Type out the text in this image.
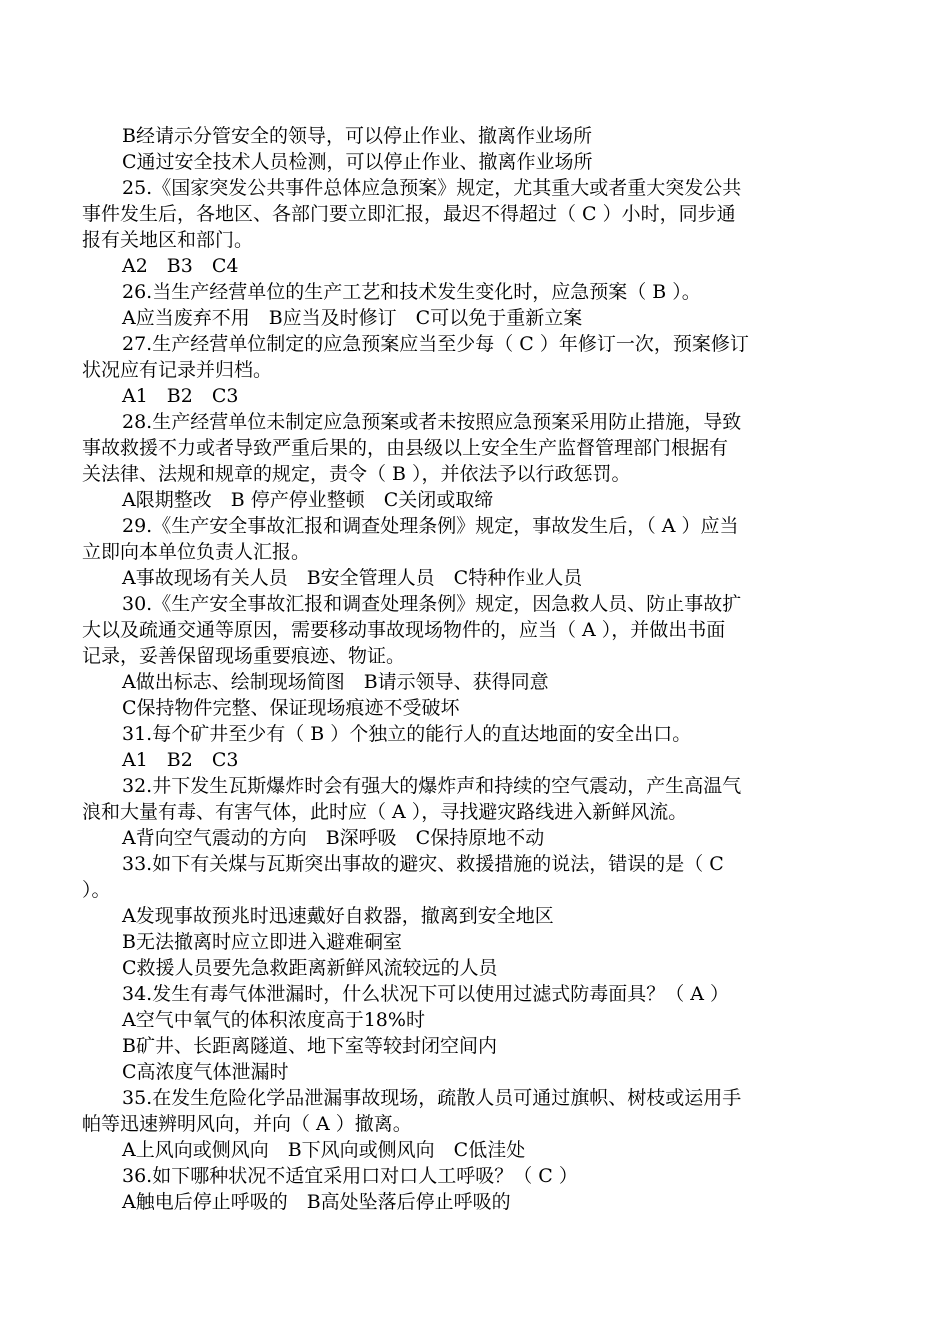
B经请示分管安全的领导，可以停止作业、撤离作业场所
C通过安全技术人员检测，可以停止作业、撤离作业场所
25.《国家突发公共事件总体应急预案》规定，尤其重大或者重大突发公共
事件发生后，各地区、各部门要立即汇报，最迟不得超过（ C ）小时，同步通
报有关地区和部门。
A2　B3　C4
26.当生产经营单位的生产工艺和技术发生变化时，应急预案（ B ）。
A应当废弃不用　B应当及时修订　C可以免于重新立案
27.生产经营单位制定的应急预案应当至少每（ C ）年修订一次，预案修订
状况应有记录并归档。
A1　B2　C3
28.生产经营单位未制定应急预案或者未按照应急预案采用防止措施，导致
事故救援不力或者导致严重后果的，由县级以上安全生产监督管理部门根据有
关法律、法规和规章的规定，责令（ B ），并依法予以行政惩罚。
A限期整改　B 停产停业整顿　C关闭或取缔
29.《生产安全事故汇报和调查处理条例》规定，事故发生后，（ A ）应当
立即向本单位负责人汇报。
A事故现场有关人员　B安全管理人员　C特种作业人员
30.《生产安全事故汇报和调查处理条例》规定，因急救人员、防止事故扩
大以及疏通交通等原因，需要移动事故现场物件的，应当（ A ），并做出书面
记录，妥善保留现场重要痕迹、物证。
A做出标志、绘制现场简图　B请示领导、获得同意
C保持物件完整、保证现场痕迹不受破坏
31.每个矿井至少有（ B ）个独立的能行人的直达地面的安全出口。
A1　B2　C3
32.井下发生瓦斯爆炸时会有强大的爆炸声和持续的空气震动，产生高温气
浪和大量有毒、有害气体，此时应（ A ），寻找避灾路线进入新鲜风流。
A背向空气震动的方向　B深呼吸　C保持原地不动
33.如下有关煤与瓦斯突出事故的避灾、救援措施的说法，错误的是（ C
）。
A发现事故预兆时迅速戴好自救器，撤离到安全地区
B无法撤离时应立即进入避难硐室
C救援人员要先急救距离新鲜风流较远的人员
34.发生有毒气体泄漏时，什么状况下可以使用过滤式防毒面具？（ A ）
A空气中氧气的体积浓度高于18%时
B矿井、长距离隧道、地下室等较封闭空间内
C高浓度气体泄漏时
35.在发生危险化学品泄漏事故现场，疏散人员可通过旗帜、树枝或运用手
帕等迅速辨明风向，并向（ A ）撤离。
A上风向或侧风向　B下风向或侧风向　C低洼处
36.如下哪种状况不适宜采用口对口人工呼吸？（ C ）
A触电后停止呼吸的　B高处坠落后停止呼吸的
